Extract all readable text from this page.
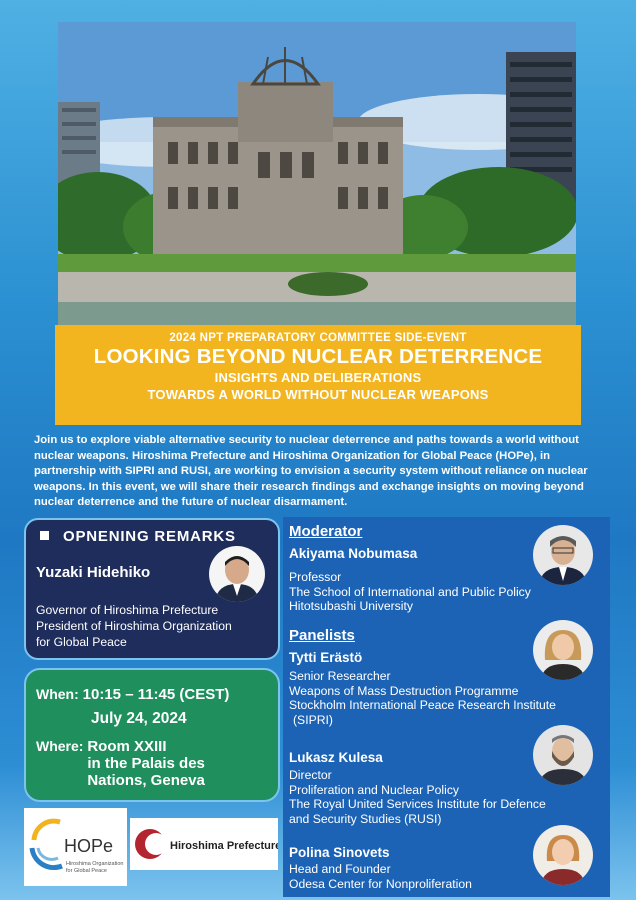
2024 NPT PREPARATORY COMMITTEE SIDE-EVENT
LOOKING BEYOND NUCLEAR DETERRENCE
INSIGHTS AND DELIBERATIONS
TOWARDS A WORLD WITHOUT NUCLEAR WEAPONS
Join us to explore viable alternative security to nuclear deterrence and paths towards a world without nuclear weapons. Hiroshima Prefecture and Hiroshima Organization for Global Peace (HOPe), in partnership with SIPRI and RUSI, are working to envision a security system without reliance on nuclear weapons. In this event, we will share their research findings and exchange insights on moving beyond nuclear deterrence and the future of nuclear disarmament.
OPNENING REMARKS
Yuzaki Hidehiko
Governor of Hiroshima Prefecture
President of Hiroshima Organization
for Global Peace
When: 10:15 – 11:45 (CEST)
July 24, 2024
Where: Room XXIII
in the Palais des
Nations, Geneva
Moderator
Akiyama Nobumasa
Professor
The School of International and Public Policy
Hitotsubashi University
Panelists
Tytti Erästö
Senior Researcher
Weapons of Mass Destruction Programme
Stockholm International Peace Research Institute
(SIPRI)
Lukasz Kulesa
Director
Proliferation and Nuclear Policy
The Royal United Services Institute for Defence
and Security Studies (RUSI)
Polina Sinovets
Head and Founder
Odesa Center for Nonproliferation
HOPe
Hiroshima Organization
for Global Peace
Hiroshima Prefecture
